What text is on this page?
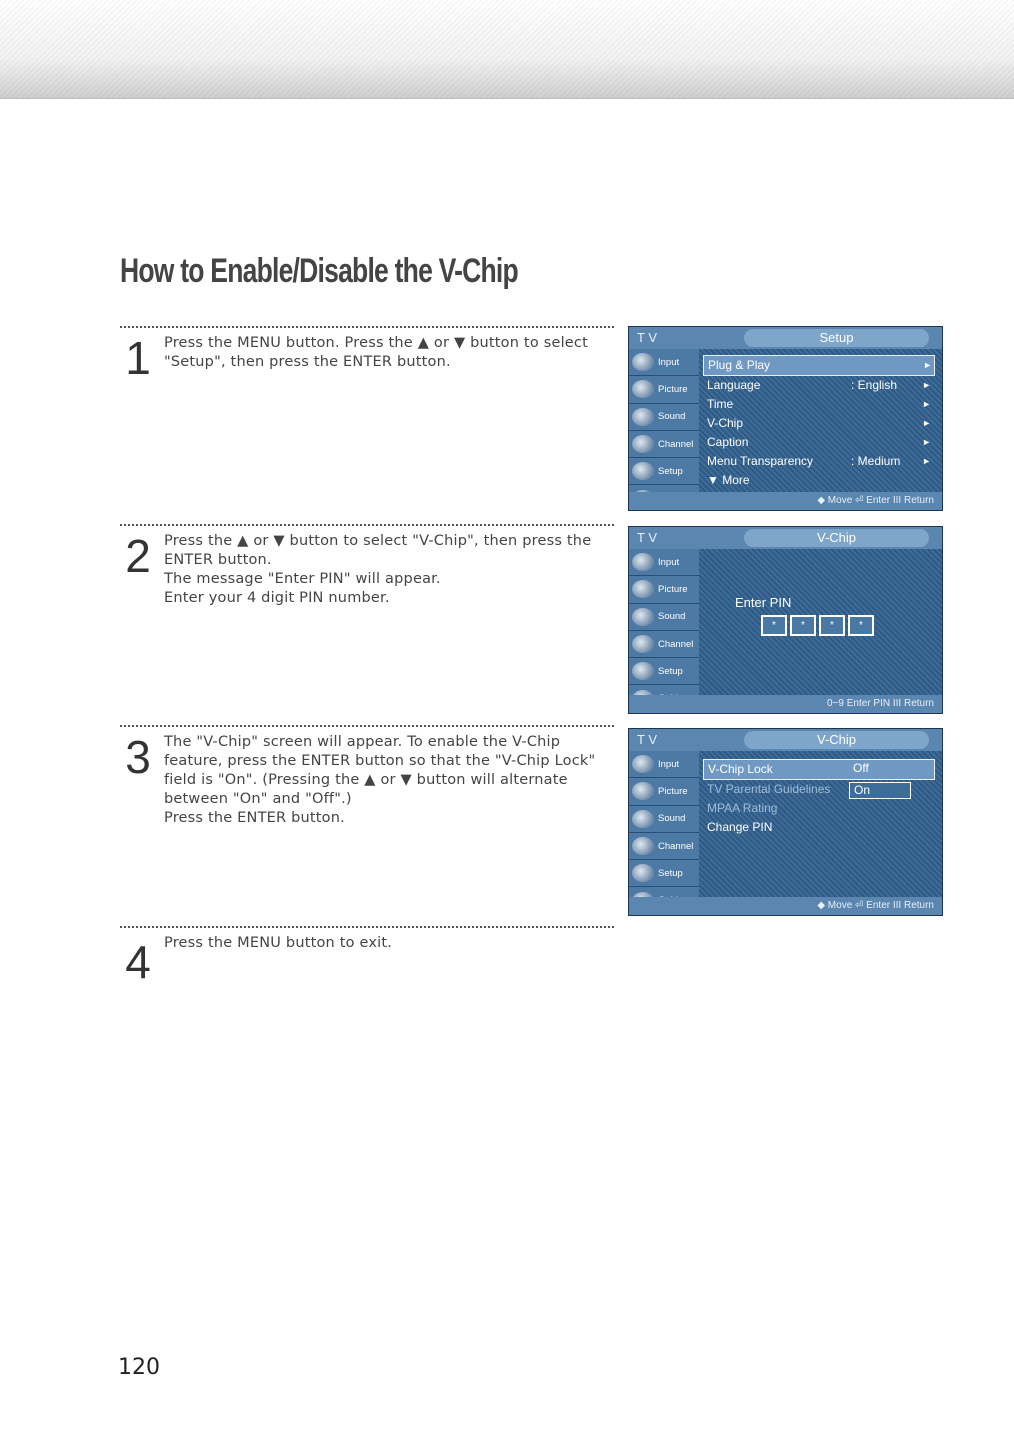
How to Enable/Disable the V-Chip
1 Press the MENU button. Press the ▲ or ▼ button to select "Setup", then press the ENTER button.

2 Press the ▲ or ▼ button to select "V-Chip", then press the ENTER button.

The message "Enter PIN" will appear.

Enter your 4 digit PIN number.

3 The "V-Chip" screen will appear. To enable the V-Chip feature, press the ENTER button so that the "V-Chip Lock" field is "On". (Pressing the ▲ or ▼ button will alternate between "On" and "Off".)

Press the ENTER button.

4 Press the MENU button to exit.

T V	Setup
Input
Picture
Sound
Channel
Setup
Plug & Play	►
Language	: English	►
Time	►
V-Chip	►
Caption	►
Menu Transparency	: Medium ►
▼ More
◆ Move ⏎ Enter III Return
T V	V-Chip
Input
Picture
Sound
Channel
Setup
Enter PIN
*	*	*	*
0~9 Enter PIN III Return
T V	V-Chip
Input
Picture
Sound
Channel
Setup
V-Chip Lock	Off
TV Parental Guidelines	On
MPAA Rating
Change PIN
◆ Move ⏎ Enter III Return
120
